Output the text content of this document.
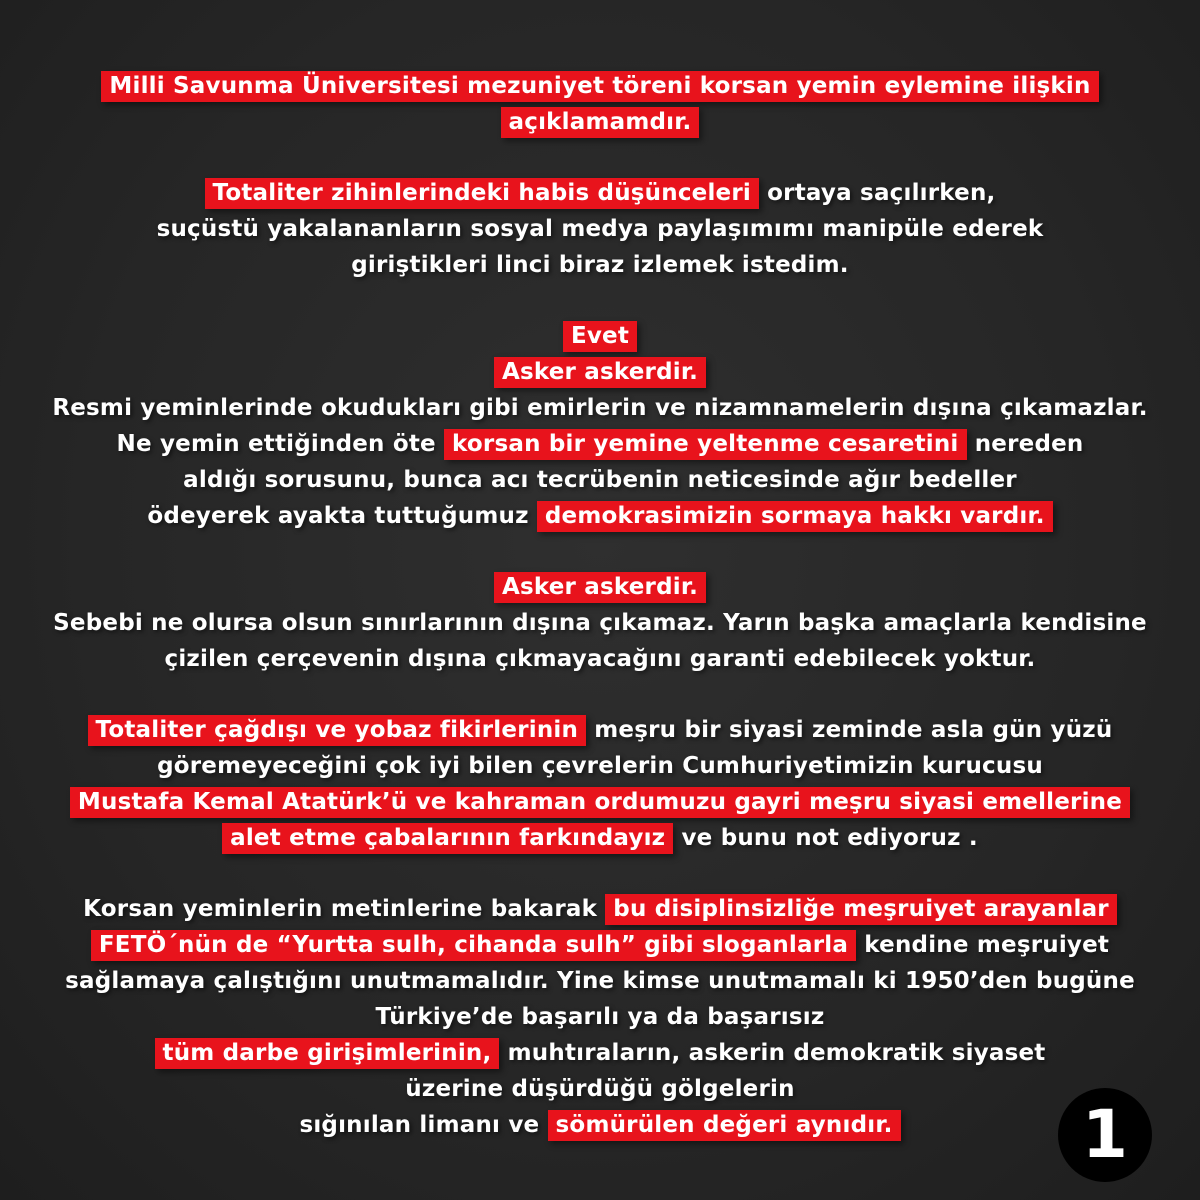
Milli Savunma Üniversitesi mezuniyet töreni korsan yemin eylemine ilişkin
açıklamamdır.
Totaliter zihinlerindeki habis düşünceleri ortaya saçılırken,
suçüstü yakalananların sosyal medya paylaşımımı manipüle ederek
giriştikleri linci biraz izlemek istedim.
Evet
Asker askerdir.
Resmi yeminlerinde okudukları gibi emirlerin ve nizamnamelerin dışına çıkamazlar.
Ne yemin ettiğinden öte korsan bir yemine yeltenme cesaretini nereden
aldığı sorusunu, bunca acı tecrübenin neticesinde ağır bedeller
ödeyerek ayakta tuttuğumuz demokrasimizin sormaya hakkı vardır.
Asker askerdir.
Sebebi ne olursa olsun sınırlarının dışına çıkamaz. Yarın başka amaçlarla kendisine
çizilen çerçevenin dışına çıkmayacağını garanti edebilecek yoktur.
Totaliter çağdışı ve yobaz fikirlerinin meşru bir siyasi zeminde asla gün yüzü
göremeyeceğini çok iyi bilen çevrelerin Cumhuriyetimizin kurucusu
Mustafa Kemal Atatürk’ü ve kahraman ordumuzu gayri meşru siyasi emellerine
alet etme çabalarının farkındayız ve bunu not ediyoruz .
Korsan yeminlerin metinlerine bakarak bu disiplinsizliğe meşruiyet arayanlar
FETÖ´nün de “Yurtta sulh, cihanda sulh” gibi sloganlarla kendine meşruiyet
sağlamaya çalıştığını unutmamalıdır. Yine kimse unutmamalı ki 1950’den bugüne
Türkiye’de başarılı ya da başarısız
tüm darbe girişimlerinin, muhtıraların, askerin demokratik siyaset
üzerine düşürdüğü gölgelerin
sığınılan limanı ve sömürülen değeri aynıdır.	1
